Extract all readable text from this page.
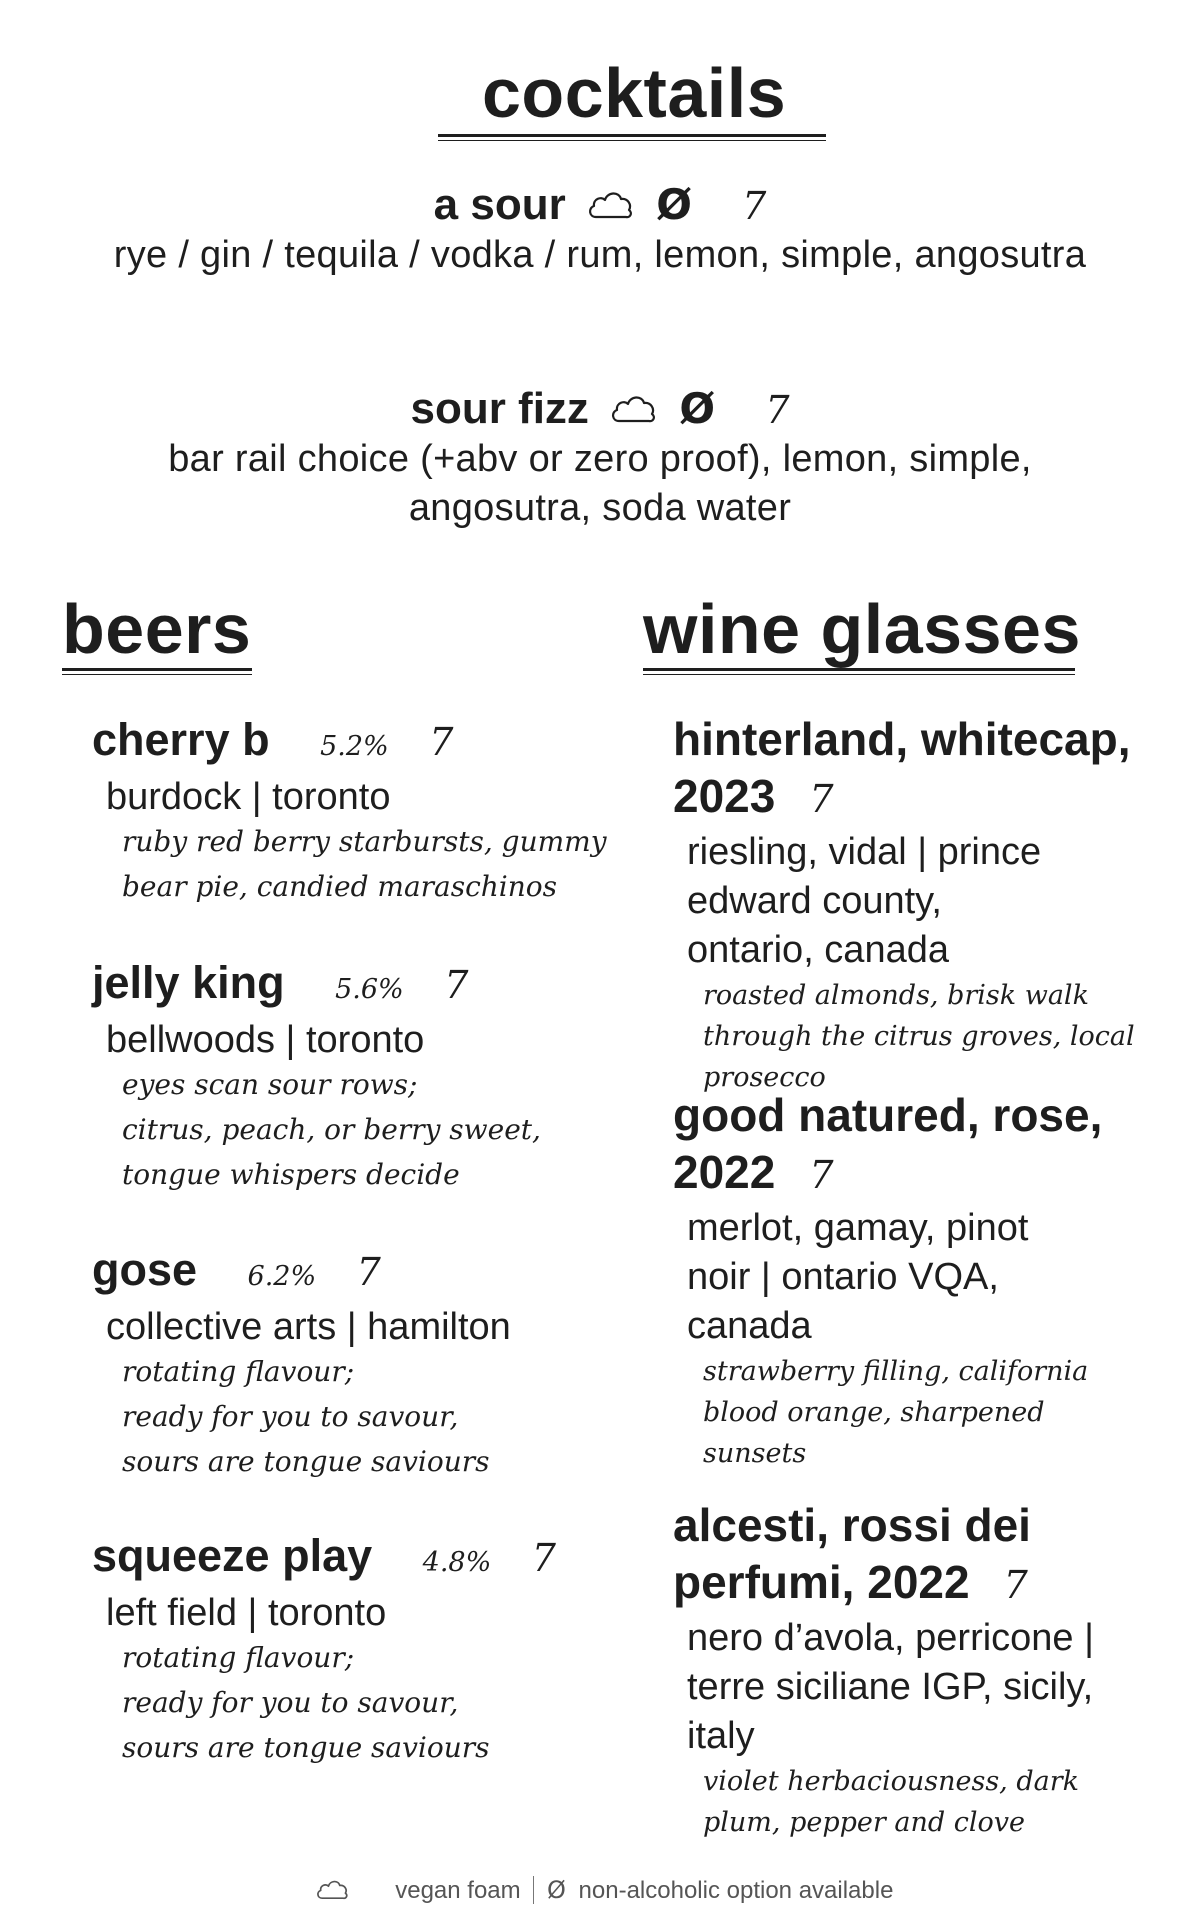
cocktails
a sour Ø 7
rye / gin / tequila / vodka / rum, lemon, simple, angosutra
sour fizz Ø 7
bar rail choice (+abv or zero proof), lemon, simple, angosutra, soda water
beers
cherry b 5.2% 7
burdock | toronto
ruby red berry starbursts, gummy
bear pie, candied maraschinos
jelly king 5.6% 7
bellwoods | toronto
eyes scan sour rows;
citrus, peach, or berry sweet,
tongue whispers decide
gose 6.2% 7
collective arts | hamilton
rotating flavour;
ready for you to savour,
sours are tongue saviours
squeeze play 4.8% 7
left field | toronto
rotating flavour;
ready for you to savour,
sours are tongue saviours
wine glasses
hinterland, whitecap, 2023 7
riesling, vidal | prince edward county, ontario, canada
roasted almonds, brisk walk through the citrus groves, local prosecco
good natured, rose, 2022 7
merlot, gamay, pinot noir | ontario VQA, canada
strawberry filling, california blood orange, sharpened sunsets
alcesti, rossi dei perfumi, 2022 7
nero d’avola, perricone | terre siciliane IGP, sicily, italy
violet herbaciousness, dark plum, pepper and clove
vegan foam Ø non-alcoholic option available
